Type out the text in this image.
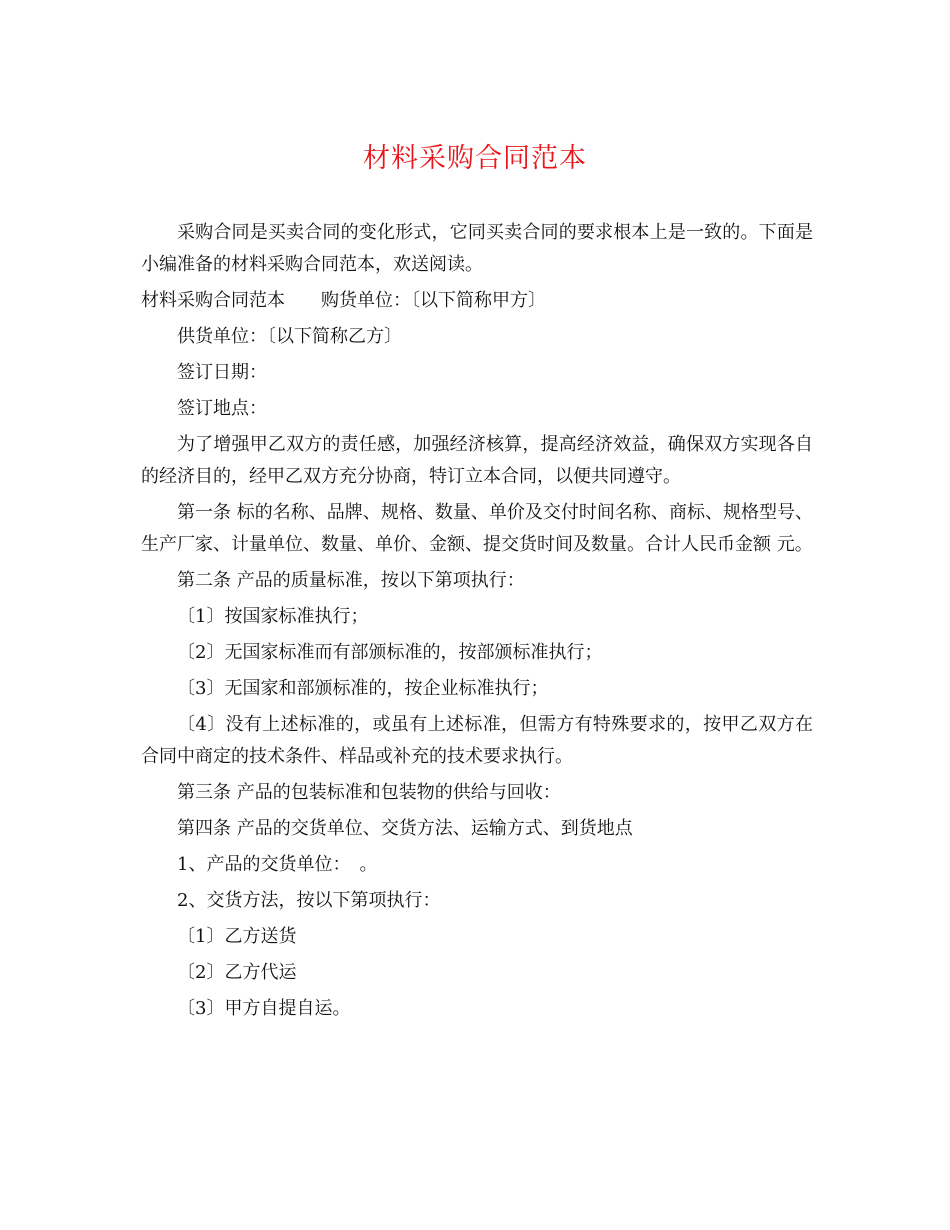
材料采购合同范本

采购合同是买卖合同的变化形式，它同买卖合同的要求根本上是一致的。下面是小编准备的材料采购合同范本，欢送阅读。

材料采购合同范本　　购货单位：〔以下简称甲方〕

供货单位：〔以下简称乙方〕

签订日期：

签订地点：

为了增强甲乙双方的责任感，加强经济核算，提高经济效益，确保双方实现各自的经济目的，经甲乙双方充分协商，特订立本合同，以便共同遵守。

第一条 标的名称、品牌、规格、数量、单价及交付时间名称、商标、规格型号、生产厂家、计量单位、数量、单价、金额、提交货时间及数量。合计人民币金额 元。

第二条 产品的质量标准，按以下第项执行：

〔1〕按国家标准执行；

〔2〕无国家标准而有部颁标准的，按部颁标准执行；

〔3〕无国家和部颁标准的，按企业标准执行；

〔4〕没有上述标准的，或虽有上述标准，但需方有特殊要求的，按甲乙双方在合同中商定的技术条件、样品或补充的技术要求执行。

第三条 产品的包装标准和包装物的供给与回收：

第四条 产品的交货单位、交货方法、运输方式、到货地点

1、产品的交货单位：　。

2、交货方法，按以下第项执行：

〔1〕乙方送货

〔2〕乙方代运

〔3〕甲方自提自运。
